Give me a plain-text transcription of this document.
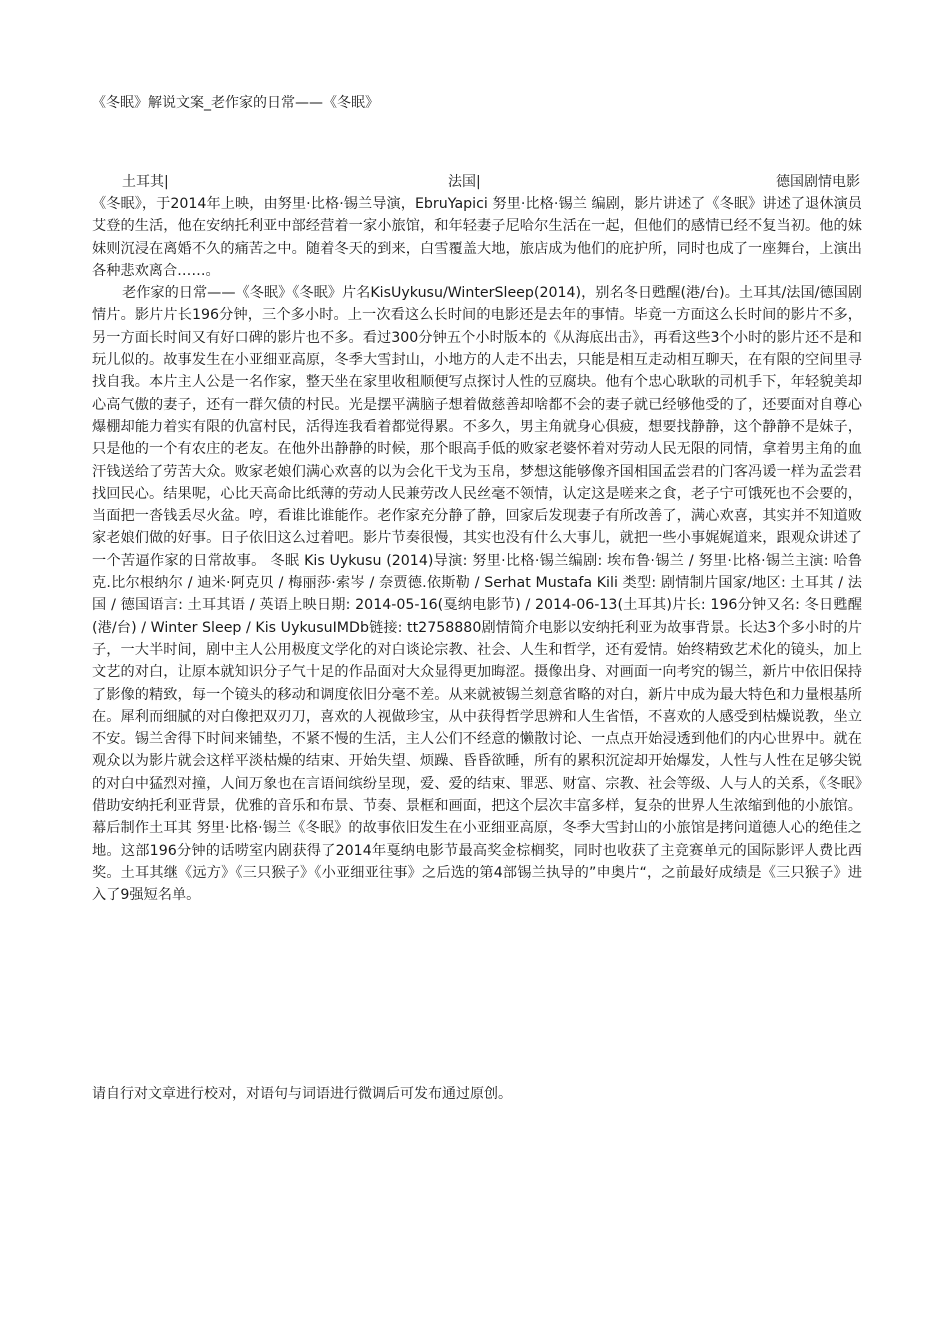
《冬眠》解说文案_老作家的日常——《冬眠》
土耳其|	法国|	德国剧情电影

《冬眠》，于2014年上映，由努里·比格·锡兰导演，EbruYapici 努里·比格·锡兰 编剧，影片讲述了《冬眠》讲述了退休演员艾登的生活，他在安纳托利亚中部经营着一家小旅馆，和年轻妻子尼哈尔生活在一起，但他们的感情已经不复当初。他的妹妹则沉浸在离婚不久的痛苦之中。随着冬天的到来，白雪覆盖大地，旅店成为他们的庇护所，同时也成了一座舞台，上演出各种悲欢离合……。

老作家的日常——《冬眠》《冬眠》片名KisUykusu/WinterSleep(2014)，别名冬日甦醒(港/台)。土耳其/法国/德国剧情片。影片片长196分钟，三个多小时。上一次看这么长时间的电影还是去年的事情。毕竟一方面这么长时间的影片不多，另一方面长时间又有好口碑的影片也不多。看过300分钟五个小时版本的《从海底出击》，再看这些3个小时的影片还不是和玩儿似的。故事发生在小亚细亚高原，冬季大雪封山，小地方的人走不出去，只能是相互走动相互聊天，在有限的空间里寻找自我。本片主人公是一名作家，整天坐在家里收租顺便写点探讨人性的豆腐块。他有个忠心耿耿的司机手下，年轻貌美却心高气傲的妻子，还有一群欠债的村民。光是摆平满脑子想着做慈善却啥都不会的妻子就已经够他受的了，还要面对自尊心爆棚却能力着实有限的仇富村民，活得连我看着都觉得累。不多久，男主角就身心俱疲，想要找静静，这个静静不是妹子，只是他的一个有农庄的老友。在他外出静静的时候，那个眼高手低的败家老婆怀着对劳动人民无限的同情，拿着男主角的血汗钱送给了劳苦大众。败家老娘们满心欢喜的以为会化干戈为玉帛，梦想这能够像齐国相国孟尝君的门客冯谖一样为孟尝君找回民心。结果呢，心比天高命比纸薄的劳动人民兼劳改人民丝毫不领情，认定这是嗟来之食，老子宁可饿死也不会要的，当面把一沓钱丢尽火盆。哼，看谁比谁能作。老作家充分静了静，回家后发现妻子有所改善了，满心欢喜，其实并不知道败家老娘们做的好事。日子依旧这么过着吧。影片节奏很慢，其实也没有什么大事儿，就把一些小事娓娓道来，跟观众讲述了一个苦逼作家的日常故事。 冬眠 Kis Uykusu (2014)导演: 努里·比格·锡兰编剧: 埃布鲁·锡兰 / 努里·比格·锡兰主演: 哈鲁克.比尔根纳尔 / 迪米·阿克贝 / 梅丽莎·索岑 / 奈贾德.依斯勒 / Serhat Mustafa Kili 类型: 剧情制片国家/地区: 土耳其 / 法国 / 德国语言: 土耳其语 / 英语上映日期: 2014-05-16(戛纳电影节) / 2014-06-13(土耳其)片长: 196分钟又名: 冬日甦醒(港/台) / Winter Sleep / Kis UykusuIMDb链接: tt2758880剧情简介电影以安纳托利亚为故事背景。长达3个多小时的片子，一大半时间，剧中主人公用极度文学化的对白谈论宗教、社会、人生和哲学，还有爱情。始终精致艺术化的镜头，加上文艺的对白，让原本就知识分子气十足的作品面对大众显得更加晦涩。摄像出身、对画面一向考究的锡兰，新片中依旧保持了影像的精致，每一个镜头的移动和调度依旧分毫不差。从来就被锡兰刻意省略的对白，新片中成为最大特色和力量根基所在。犀利而细腻的对白像把双刃刀，喜欢的人视做珍宝，从中获得哲学思辨和人生省悟，不喜欢的人感受到枯燥说教，坐立不安。锡兰舍得下时间来铺垫，不紧不慢的生活，主人公们不经意的懒散讨论、一点点开始浸透到他们的内心世界中。就在观众以为影片就会这样平淡枯燥的结束、开始失望、烦躁、昏昏欲睡，所有的累积沉淀却开始爆发，人性与人性在足够尖锐的对白中猛烈对撞，人间万象也在言语间缤纷呈现，爱、爱的结束、罪恶、财富、宗教、社会等级、人与人的关系，《冬眠》借助安纳托利亚背景，优雅的音乐和布景、节奏、景框和画面，把这个层次丰富多样，复杂的世界人生浓缩到他的小旅馆。幕后制作土耳其 努里·比格·锡兰《冬眠》的故事依旧发生在小亚细亚高原，冬季大雪封山的小旅馆是拷问道德人心的绝佳之地。这部196分钟的话唠室内剧获得了2014年戛纳电影节最高奖金棕榈奖，同时也收获了主竞赛单元的国际影评人费比西奖。土耳其继《远方》《三只猴子》《小亚细亚往事》之后选的第4部锡兰执导的”申奥片“，之前最好成绩是《三只猴子》进入了9强短名单。

请自行对文章进行校对，对语句与词语进行微调后可发布通过原创。
